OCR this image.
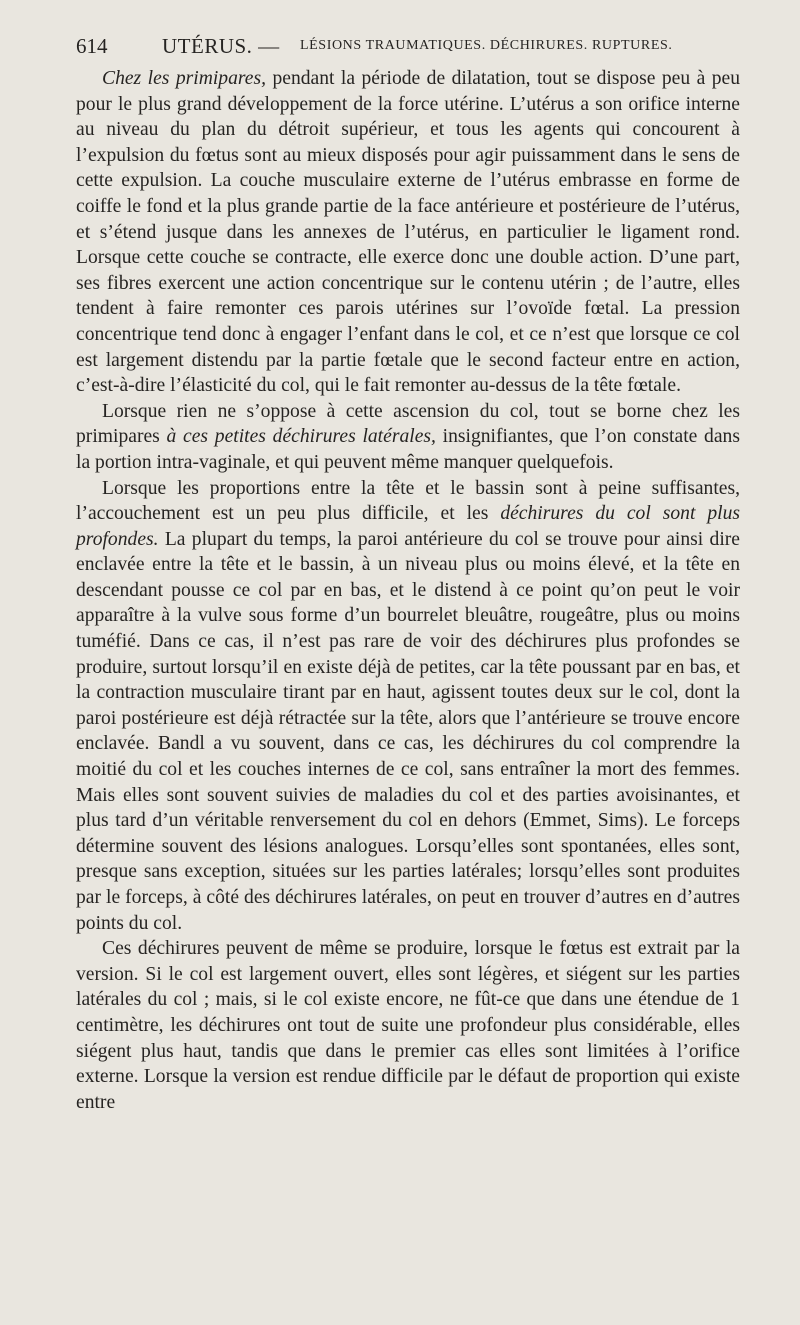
614	UTÉRUS. — LÉSIONS TRAUMATIQUES. DÉCHIRURES. RUPTURES.

Chez les primipares, pendant la période de dilatation, tout se dispose peu à peu pour le plus grand développement de la force utérine. L’utérus a son orifice interne au niveau du plan du détroit supérieur, et tous les agents qui concourent à l’expulsion du fœtus sont au mieux disposés pour agir puissamment dans le sens de cette expulsion. La couche musculaire externe de l’utérus embrasse en forme de coiffe le fond et la plus grande partie de la face antérieure et postérieure de l’utérus, et s’étend jusque dans les annexes de l’utérus, en particulier le ligament rond. Lorsque cette couche se contracte, elle exerce donc une double action. D’une part, ses fibres exercent une action concentrique sur le contenu utérin ; de l’autre, elles tendent à faire remonter ces parois utérines sur l’ovoïde fœtal. La pression concentrique tend donc à engager l’enfant dans le col, et ce n’est que lorsque ce col est largement distendu par la partie fœtale que le second facteur entre en action, c’est-à-dire l’élasticité du col, qui le fait remonter au-dessus de la tête fœtale.

Lorsque rien ne s’oppose à cette ascension du col, tout se borne chez les primipares à ces petites déchirures latérales, insignifiantes, que l’on constate dans la portion intra-vaginale, et qui peuvent même manquer quelquefois.

Lorsque les proportions entre la tête et le bassin sont à peine suffisantes, l’accouchement est un peu plus difficile, et les déchirures du col sont plus profondes. La plupart du temps, la paroi antérieure du col se trouve pour ainsi dire enclavée entre la tête et le bassin, à un niveau plus ou moins élevé, et la tête en descendant pousse ce col par en bas, et le distend à ce point qu’on peut le voir apparaître à la vulve sous forme d’un bourrelet bleuâtre, rougeâtre, plus ou moins tuméfié. Dans ce cas, il n’est pas rare de voir des déchirures plus profondes se produire, surtout lorsqu’il en existe déjà de petites, car la tête poussant par en bas, et la contraction musculaire tirant par en haut, agissent toutes deux sur le col, dont la paroi postérieure est déjà rétractée sur la tête, alors que l’antérieure se trouve encore enclavée. Bandl a vu souvent, dans ce cas, les déchirures du col comprendre la moitié du col et les couches internes de ce col, sans entraîner la mort des femmes. Mais elles sont souvent suivies de maladies du col et des parties avoisinantes, et plus tard d’un véritable renversement du col en dehors (Emmet, Sims). Le forceps détermine souvent des lésions analogues. Lorsqu’elles sont spontanées, elles sont, presque sans exception, situées sur les parties latérales; lorsqu’elles sont produites par le forceps, à côté des déchirures latérales, on peut en trouver d’autres en d’autres points du col.

Ces déchirures peuvent de même se produire, lorsque le fœtus est extrait par la version. Si le col est largement ouvert, elles sont légères, et siégent sur les parties latérales du col ; mais, si le col existe encore, ne fût-ce que dans une étendue de 1 centimètre, les déchirures ont tout de suite une profondeur plus considérable, elles siégent plus haut, tandis que dans le premier cas elles sont limitées à l’orifice externe. Lorsque la version est rendue difficile par le défaut de proportion qui existe entre
